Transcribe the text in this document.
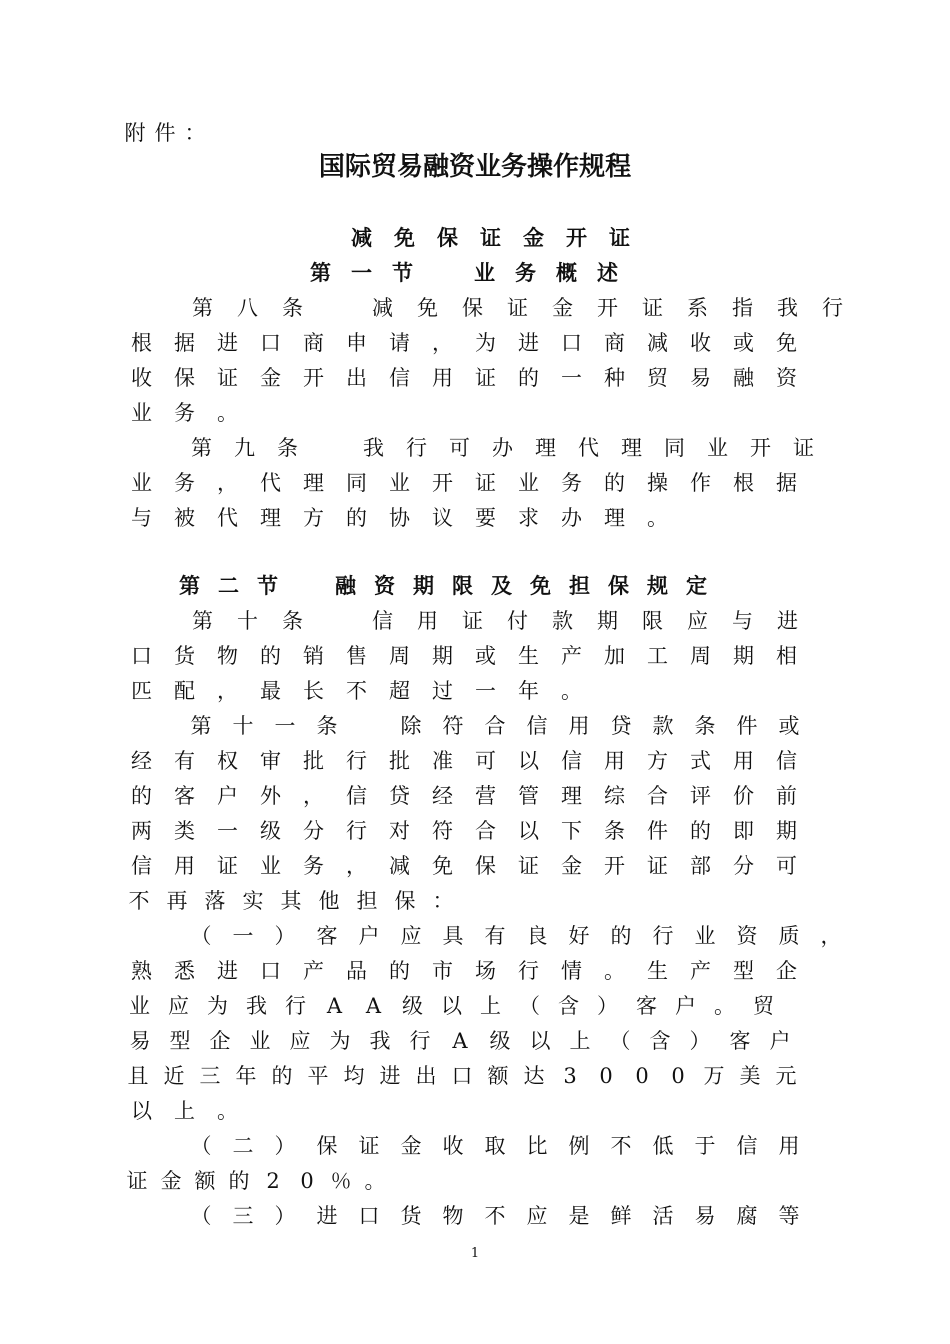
附 件 ：
国际贸易融资业务操作规程
减 免 保 证 金 开 证
第 一 节　	业 务 概 述
第 八 条　	减 免 保 证 金 开 证 系 指 我 行
根 据 进 口 商 申 请 ， 为 进 口 商 减 收 或 免
收 保 证 金 开 出 信 用 证 的 一 种 贸 易 融 资
业 务 。
第 九 条　	我 行 可 办 理 代 理 同 业 开 证
业 务 ， 代 理 同 业 开 证 业 务 的 操 作 根 据
与 被 代 理 方 的 协 议 要 求 办 理 。
第 二 节　	融 资 期 限 及 免 担 保 规 定
第 十 条　	信 用 证 付 款 期 限 应 与 进
口 货 物 的 销 售 周 期 或 生 产 加 工 周 期 相
匹 配 ， 最 长 不 超 过 一 年 。
第 十 一 条　	除 符 合 信 用 贷 款 条 件 或
经 有 权 审 批 行 批 准 可 以 信 用 方 式 用 信
的 客 户 外 ， 信 贷 经 营 管 理 综 合 评 价 前
两 类 一 级 分 行 对 符 合 以 下 条 件 的 即 期
信 用 证 业 务 ， 减 免 保 证 金 开 证 部 分 可
不 再 落 实 其 他 担 保 ：
（ 一 ） 客 户 应 具 有 良 好 的 行 业 资 质 ，
熟 悉 进 口 产 品 的 市 场 行 情 。 生 产 型 企
业 应 为 我 行 A A 级 以 上 （ 含 ） 客 户 。 贸
易 型 企 业 应 为 我 行 A 级 以 上 （ 含 ） 客 户
且 近 三 年 的 平 均 进 出 口 额 达 3 0 0 0 万 美 元
以 上 。
（ 二 ） 保 证 金 收 取 比 例 不 低 于 信 用
证 金 额 的 2 0 ％ 。
（ 三 ） 进 口 货 物 不 应 是 鲜 活 易 腐 等
1
